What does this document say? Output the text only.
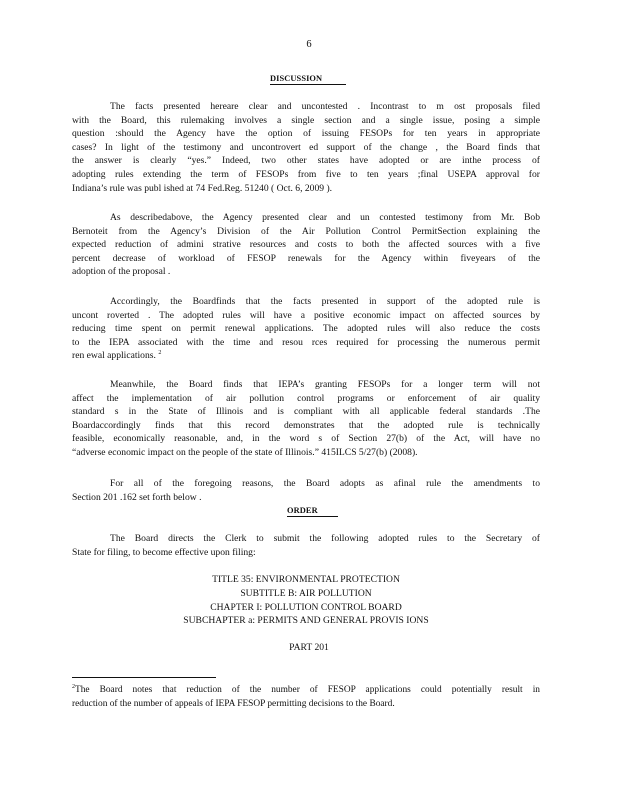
6
DISCUSSION
The facts presented hereare clear and uncontested . Incontrast to m ost proposals filed
with the Board, this rulemaking involves a single section and a single issue, posing a simple
question :should the Agency have the option of issuing FESOPs for ten years in appropriate
cases? In light of the testimony and uncontrovert ed support of the change , the Board finds that
the answer is clearly “yes.” Indeed, two other states have adopted or are inthe process of
adopting rules extending the term of FESOPs from five to ten years ;final USEPA approval for
Indiana’s rule was publ ished at 74 Fed.Reg. 51240 ( Oct. 6, 2009 ).
As describedabove, the Agency presented clear and un contested testimony from Mr. Bob
Bernoteit from the Agency’s Division of the Air Pollution Control PermitSection explaining the
expected reduction of admini strative resources and costs to both the affected sources with a five
percent decrease of workload of FESOP renewals for the Agency within fiveyears of the
adoption of the proposal .
Accordingly, the Boardfinds that the facts presented in support of the adopted rule is
uncont roverted . The adopted rules will have a positive economic impact on affected sources by
reducing time spent on permit renewal applications. The adopted rules will also reduce the costs
to the IEPA associated with the time and resou rces required for processing the numerous permit
ren ewal applications. $^2$
Meanwhile, the Board finds that IEPA’s granting FESOPs for a longer term will not
affect the implementation of air pollution control programs or enforcement of air quality
standard s in the State of Illinois and is compliant with all applicable federal standards .The
Boardaccordingly finds that this record demonstrates that the adopted rule is technically
feasible, economically reasonable, and, in the word s of Section 27(b) of the Act, will have no
“adverse economic impact on the people of the state of Illinois.” 415ILCS 5/27(b) (2008).
For all of the foregoing reasons, the Board adopts as afinal rule the amendments to
Section 201 .162 set forth below .
ORDER
The Board directs the Clerk to submit the following adopted rules to the Secretary of
State for filing, to become effective upon filing:
TITLE 35: ENVIRONMENTAL PROTECTION
SUBTITLE B: AIR POLLUTION
CHAPTER I: POLLUTION CONTROL BOARD
SUBCHAPTER a: PERMITS AND GENERAL PROVIS IONS
PART 201
$^2$The Board notes that reduction of the number of FESOP applications could potentially result in
reduction of the number of appeals of IEPA FESOP permitting decisions to the Board.
